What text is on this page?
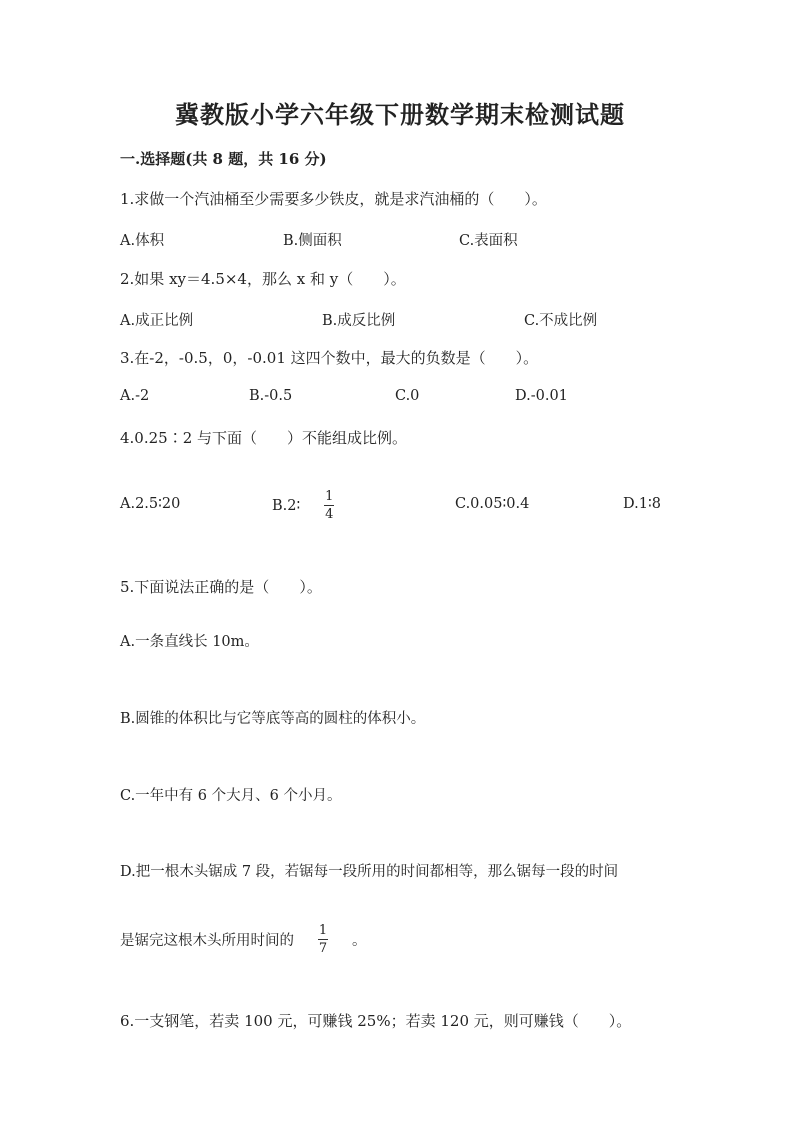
冀教版小学六年级下册数学期末检测试题
一.选择题(共 8 题，共 16 分)
1.求做一个汽油桶至少需要多少铁皮，就是求汽油桶的（　　）。
A.体积	B.侧面积	C.表面积
2.如果 xy＝4.5×4，那么 x 和 y（　　）。
A.成正比例	B.成反比例	C.不成比例
3.在-2，-0.5，0，-0.01 这四个数中，最大的负数是（　　）。
A.-2	B.-0.5	C.0	D.-0.01
4.0.25∶2 与下面（　　）不能组成比例。
A.2.5∶20	B.2∶ $\frac{1}{4}$	C.0.05∶0.4	D.1∶8
5.下面说法正确的是（　　）。
A.一条直线长 10m。
B.圆锥的体积比与它等底等高的圆柱的体积小。
C.一年中有 6 个大月、6 个小月。
D.把一根木头锯成 7 段，若锯每一段所用的时间都相等，那么锯每一段的时间
是锯完这根木头所用时间的 $\frac{1}{7}$ 。
6.一支钢笔，若卖 100 元，可赚钱 25%；若卖 120 元，则可赚钱（　　）。
